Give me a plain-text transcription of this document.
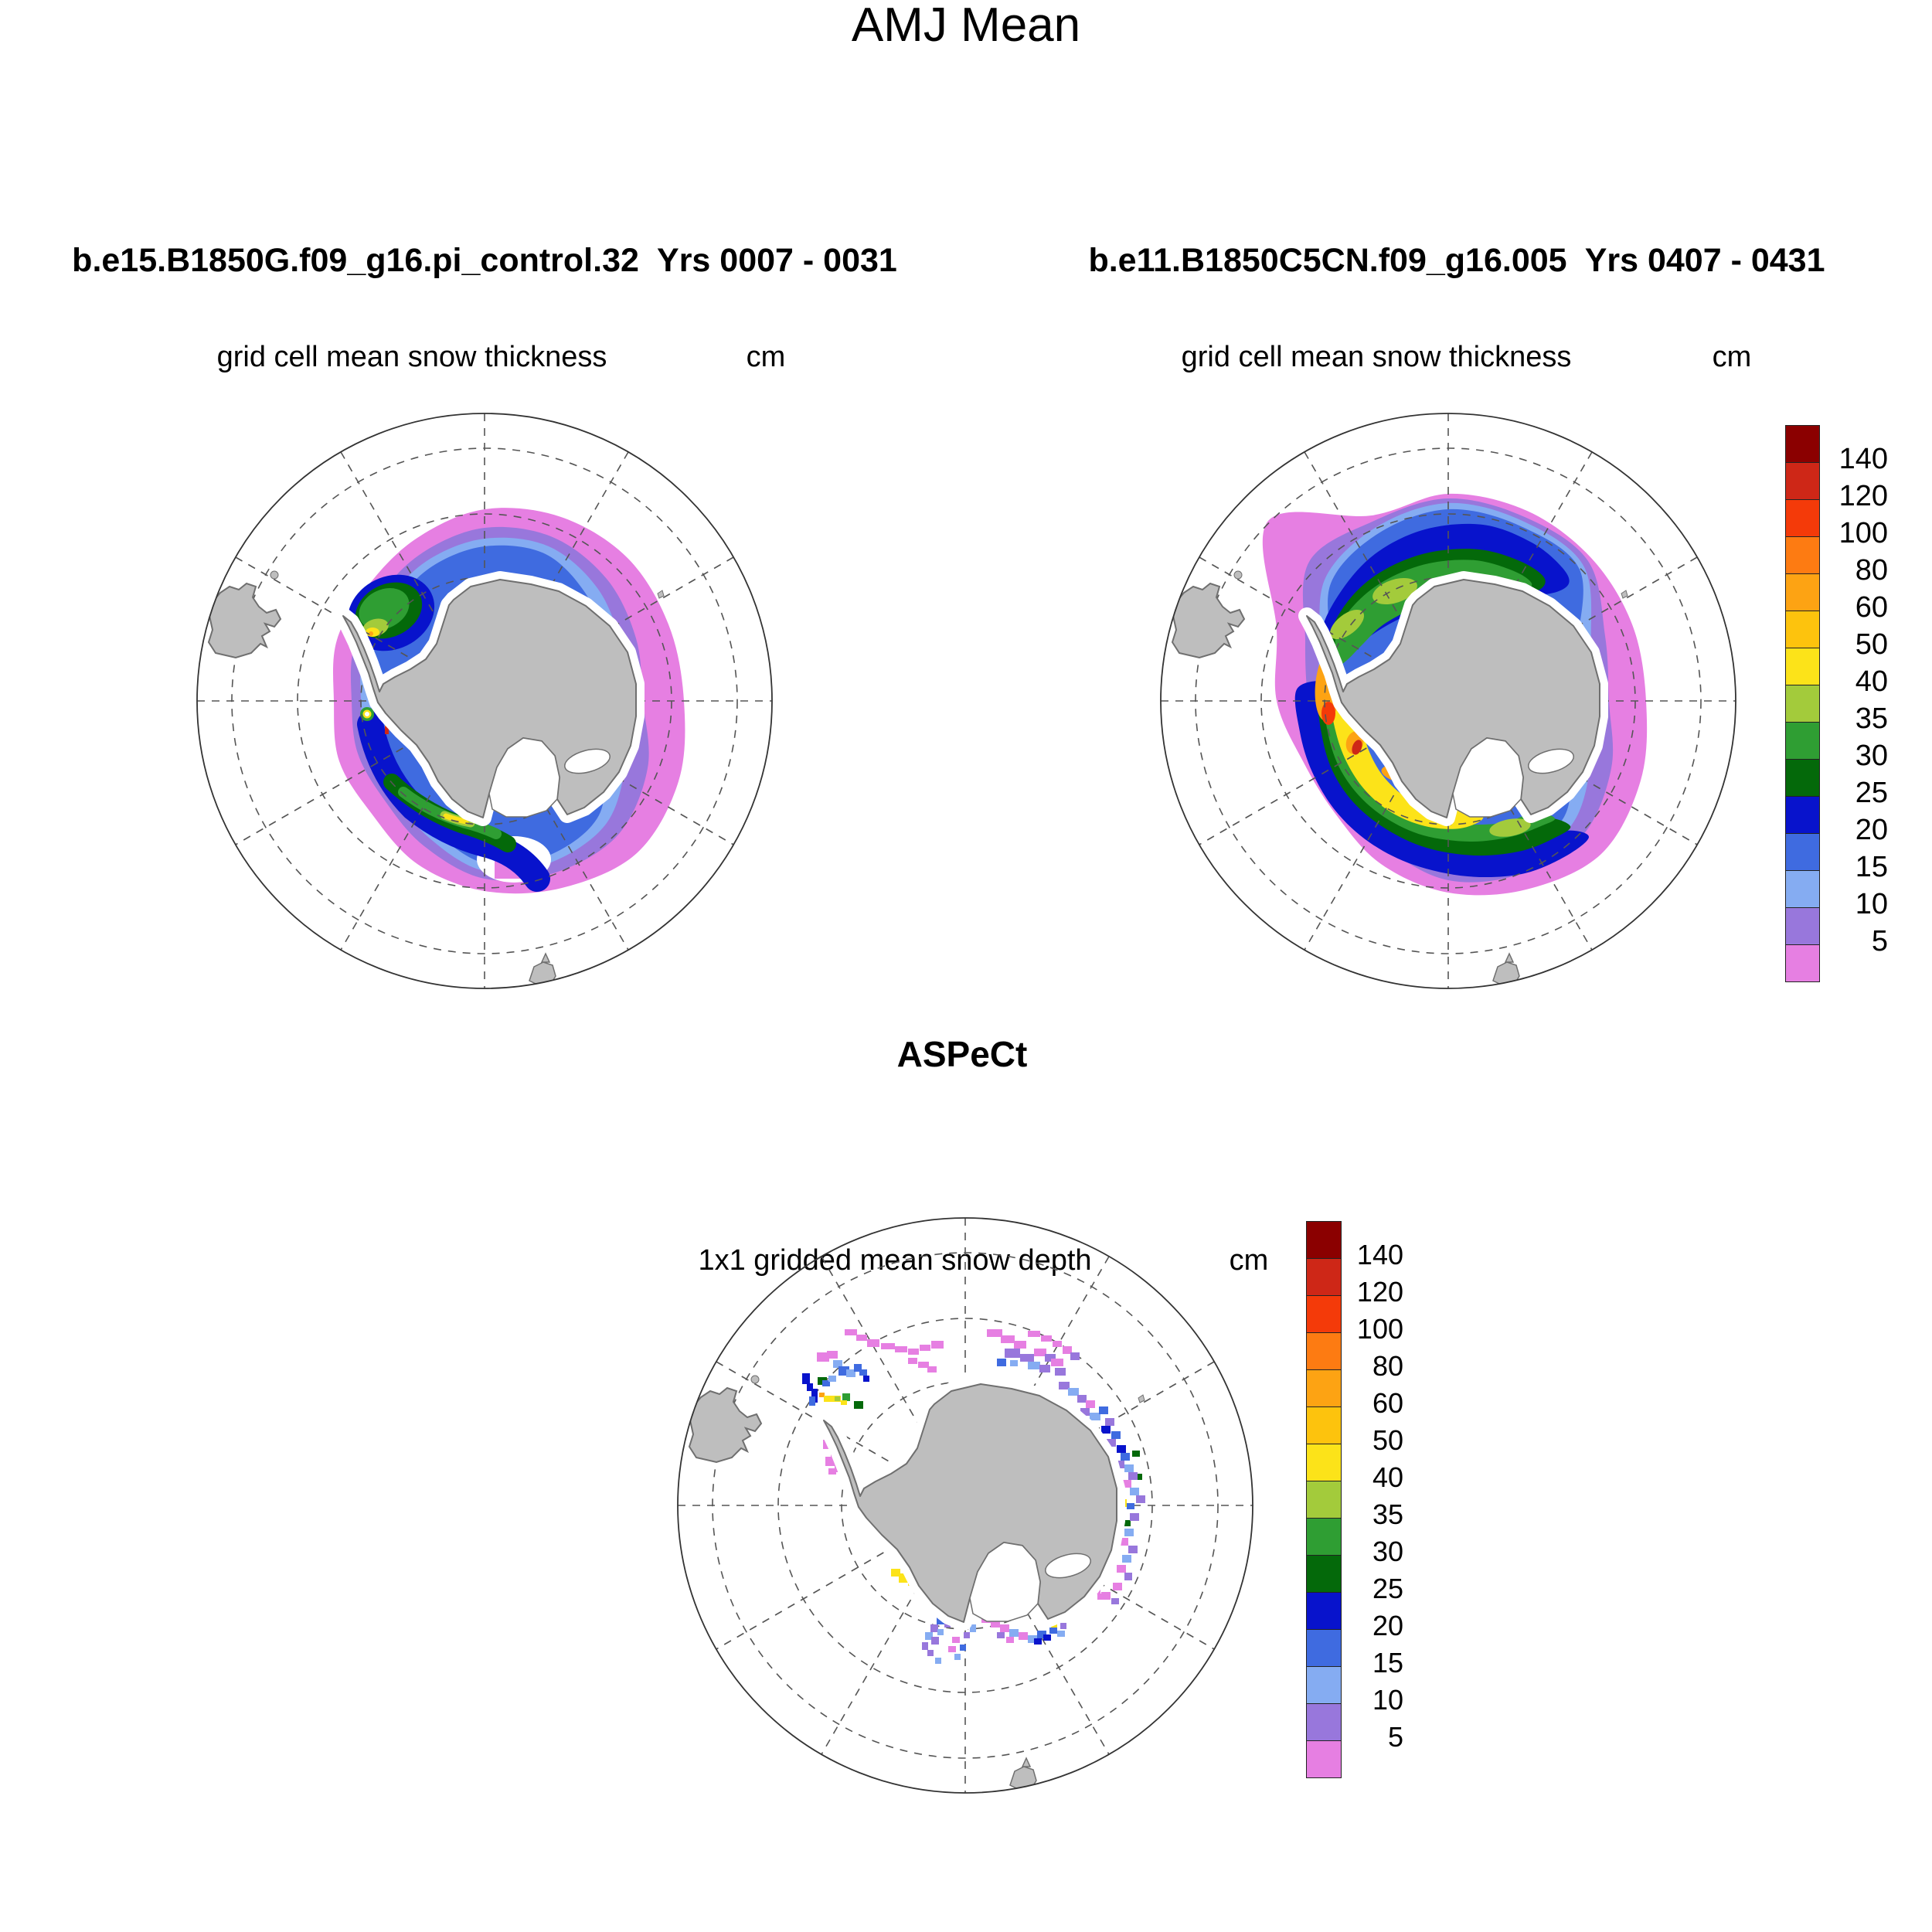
AMJ Mean
b.e15.B1850G.f09_g16.pi_control.32  Yrs 0007 - 0031	b.e11.B1850C5CN.f09_g16.005  Yrs 0407 - 0431
grid cell mean snow thickness	cm	grid cell mean snow thickness	cm
ASPeCt
1x1 gridded mean snow depth	cm
140
120
100
80
60
50
40
35
30
25
20
15
10
5
140
120
100
80
60
50
40
35
30
25
20
15
10
5
